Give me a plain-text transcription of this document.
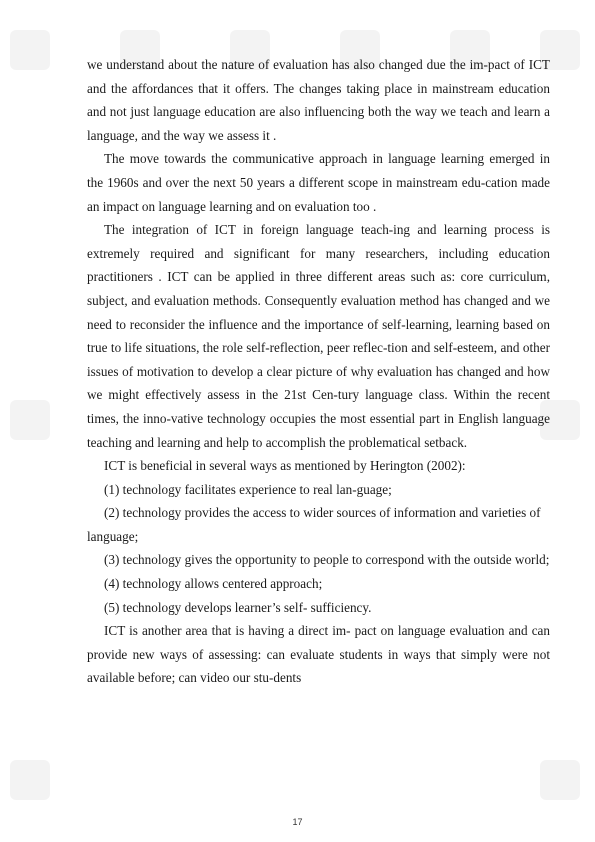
we understand about the nature of evaluation has also changed due the im-pact of ICT and the affordances that it offers. The changes taking place in mainstream education and not just language education are also influencing both the way we teach and learn a language, and the way we assess it .

The move towards the communicative approach in language learning emerged in the 1960s and over the next 50 years a different scope in mainstream edu-cation made an impact on language learning and on evaluation too .

The integration of ICT in foreign language teach-ing and learning process is extremely required and significant for many researchers, including education practitioners . ICT can be applied in three different areas such as: core curriculum, subject, and evaluation methods. Consequently evaluation method has changed and we need to reconsider the influence and the importance of self-learning, learning based on true to life situations, the role self-reflection, peer reflec-tion and self-esteem, and other issues of motivation to develop a clear picture of why evaluation has changed and how we might effectively assess in the 21st Cen-tury language class. Within the recent times, the inno-vative technology occupies the most essential part in English language teaching and learning and help to accomplish the problematical setback.

ICT is beneficial in several ways as mentioned by Herington (2002):

(1) technology facilitates experience to real lan-guage;

(2) technology provides the access to wider sources of information and varieties of language;

(3) technology gives the opportunity to people to correspond with the outside world;

(4) technology allows centered approach;

(5) technology develops learner’s self- sufficiency.

ICT is another area that is having a direct im- pact on language evaluation and can provide new ways of assessing: can evaluate students in ways that simply were not available before; can video our stu-dents

17
